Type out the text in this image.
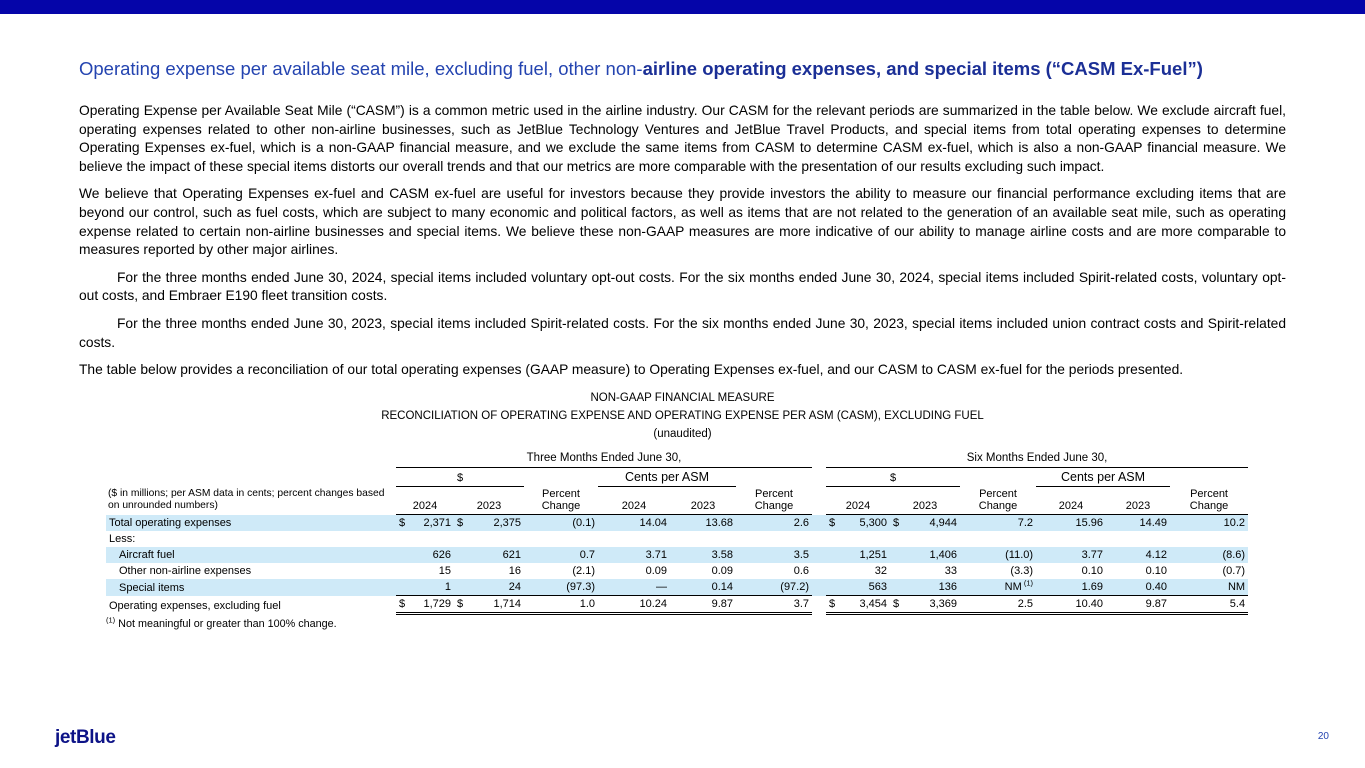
Operating expense per available seat mile, excluding fuel, other non-airline operating expenses, and special items (“CASM Ex-Fuel”)

Operating Expense per Available Seat Mile (“CASM”) is a common metric used in the airline industry. Our CASM for the relevant periods are summarized in the table below. We exclude aircraft fuel, operating expenses related to other non-airline businesses, such as JetBlue Technology Ventures and JetBlue Travel Products, and special items from total operating expenses to determine Operating Expenses ex-fuel, which is a non-GAAP financial measure, and we exclude the same items from CASM to determine CASM ex-fuel, which is also a non-GAAP financial measure. We believe the impact of these special items distorts our overall trends and that our metrics are more comparable with the presentation of our results excluding such impact.

We believe that Operating Expenses ex-fuel and CASM ex-fuel are useful for investors because they provide investors the ability to measure our financial performance excluding items that are beyond our control, such as fuel costs, which are subject to many economic and political factors, as well as items that are not related to the generation of an available seat mile, such as operating expense related to certain non-airline businesses and special items. We believe these non-GAAP measures are more indicative of our ability to manage airline costs and are more comparable to measures reported by other major airlines.

For the three months ended June 30, 2024, special items included voluntary opt-out costs. For the six months ended June 30, 2024, special items included Spirit-related costs, voluntary opt-out costs, and Embraer E190 fleet transition costs.

For the three months ended June 30, 2023, special items included Spirit-related costs. For the six months ended June 30, 2023, special items included union contract costs and Spirit-related costs.

The table below provides a reconciliation of our total operating expenses (GAAP measure) to Operating Expenses ex-fuel, and our CASM to CASM ex-fuel for the periods presented.

NON-GAAP FINANCIAL MEASURE
RECONCILIATION OF OPERATING EXPENSE AND OPERATING EXPENSE PER ASM (CASM), EXCLUDING FUEL
(unaudited)
	Three Months Ended June 30,							Six Months Ended June 30,					
($ in millions; per ASM data in cents; percent changes based on unrounded numbers)	$			Cents per ASM				$			Cents per ASM		
	2024	2023	Percent Change	2024	2023	Percent Change		2024	2023	Percent Change	2024	2023	Percent Change
Total operating expenses	$ 2,371	$ 2,375	(0.1)	14.04	13.68	2.6		$ 5,300	$ 4,944	7.2	15.96	14.49	10.2
Less:													
Aircraft fuel	626	621	0.7	3.71	3.58	3.5		1,251	1,406	(11.0)	3.77	4.12	(8.6)
Other non-airline expenses	15	16	(2.1)	0.09	0.09	0.6		32	33	(3.3)	0.10	0.10	(0.7)
Special items	1	24	(97.3)	—	0.14	(97.2)		563	136	NM $^{(1)}$	1.69	0.40	NM
Operating expenses, excluding fuel	$ 1,729	$ 1,714	1.0	10.24	9.87	3.7		$ 3,454	$ 3,369	2.5	10.40	9.87	5.4
$^{(1)}$ Not meaningful or greater than 100% change.
jetBlue	20
